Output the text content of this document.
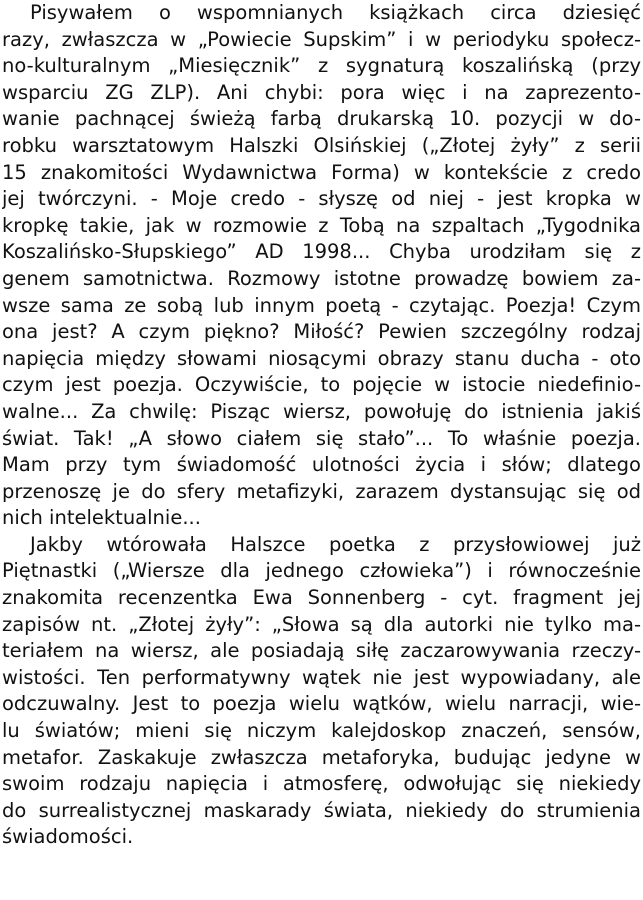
Pisywałem o wspomnianych książkach circa dziesięć
razy, zwłaszcza w „Powiecie Supskim” i w periodyku społecz-
no-kulturalnym „Miesięcznik” z sygnaturą koszalińską (przy
wsparciu ZG ZLP). Ani chybi: pora więc i na zaprezento-
wanie pachnącej świeżą farbą drukarską 10. pozycji w do-
robku warsztatowym Halszki Olsińskiej („Złotej żyły” z serii
15 znakomitości Wydawnictwa Forma) w kontekście z credo
jej twórczyni. - Moje credo - słyszę od niej - jest kropka w
kropkę takie, jak w rozmowie z Tobą na szpaltach „Tygodnika
Koszalińsko-Słupskiego” AD 1998... Chyba urodziłam się z
genem samotnictwa. Rozmowy istotne prowadzę bowiem za-
wsze sama ze sobą lub innym poetą - czytając. Poezja! Czym
ona jest? A czym piękno? Miłość? Pewien szczególny rodzaj
napięcia między słowami niosącymi obrazy stanu ducha - oto
czym jest poezja. Oczywiście, to pojęcie w istocie niedefinio-
walne... Za chwilę: Pisząc wiersz, powołuję do istnienia jakiś
świat. Tak! „A słowo ciałem się stało”... To właśnie poezja.
Mam przy tym świadomość ulotności życia i słów; dlatego
przenoszę je do sfery metafizyki, zarazem dystansując się od
nich intelektualnie...
Jakby wtórowała Halszce poetka z przysłowiowej już
Piętnastki („Wiersze dla jednego człowieka”) i równocześnie
znakomita recenzentka Ewa Sonnenberg - cyt. fragment jej
zapisów nt. „Złotej żyły”: „Słowa są dla autorki nie tylko ma-
teriałem na wiersz, ale posiadają siłę zaczarowywania rzeczy-
wistości. Ten performatywny wątek nie jest wypowiadany, ale
odczuwalny. Jest to poezja wielu wątków, wielu narracji, wie-
lu światów; mieni się niczym kalejdoskop znaczeń, sensów,
metafor. Zaskakuje zwłaszcza metaforyka, budując jedyne w
swoim rodzaju napięcia i atmosferę, odwołując się niekiedy
do surrealistycznej maskarady świata, niekiedy do strumienia
świadomości.
